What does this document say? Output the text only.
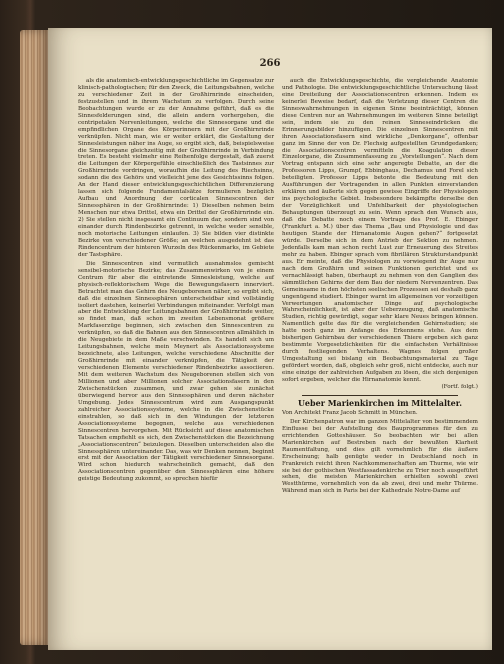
266

als die anatomisch-entwicklungsgeschichtliche im Gegensatze zur klinisch-pathologischen; für den Zweck, die Leitungsbahnen, welche zu verschiedener Zeit in der Großhirnrinde einscheiden, festzustellen und in ihrem Wachstum zu verfolgen. Durch seine Beobachtungen wurde er zu der Annahme geführt, daß es die Sinnesfelderungen sind, die allein andern vorhergehen, die centripetalen Nervenleitungen, welche die Sinnesorgane und die empfindlichen Organe des Körperinnern mit der Großhirnrinde verknüpfen. Nicht man, wie er weiter erklärt, die Gestaltung der Sinnesleistungen näher ins Auge, so ergibt sich, daß, beispielsweise die Sinnesorgane gleichzeitig mit der Großhirnrinde in Verbindung treten. Es besteht vielmehr eine Reihenfolge dergestalt, daß zuerst die Leitungen der Körpergefühle einschließlich des Tastsinnes zur Großhirnrinde vordringen, woraufhin die Leitung des Riechsinns, sodann die des Gehörs und vielleicht jene des Gesichtssinns folgen. An der Hand dieser entwicklungsgeschichtlichen Differenzierung lassen sich folgende Fundamentalsätze formulieren bezüglich Aufbau und Anordnung der corticalen Sinnescentren der Sinnessphären in der Großhirnrinde: 1) Dieselben nehmen beim Menschen nur etwa Drittel, etwa ein Drittel der Großhirnrinde ein. 2) Sie stellen nicht insgesamt ein Continuum dar, sondern sind von einander durch Rindenbezirke getrennt, in welche weder sensible, noch motorische Leitungen einlaufen. 3) Sie bilden vier distinkte Bezirke von verschiedener Größe; an welchen ausgedehnt ist das Rindencentrum der hinteren Wurzeln des Rückenmarks, im Gebiete der Tastsphäre.

Die Sinnescentren sind vermutlich ausnahmslos gemischt sensibel-motorische Bezirke; das Zusammenwirken von je einem Centrum für aber die eintretende Sinnesleistung, welche auf physisch-reflektorischem Wege die Bewegungsfasern innerviert. Betrachtet man das Gehirn des Neugeborenen näher, so ergibt sich, daß die einzelnen Sinnessphären unterscheidbar sind vollständig isoliert dastehen, keinerlei Verbindungen miteinander. Verfolgt man aber die Entwicklung der Leitungsbahnen der Großhirnrinde weiter, so findet man, daß schon im zweiten Lebensmonat größere Markfaserzüge beginnen, sich zwischen den Sinnescentren zu verknüpfen, so daß die Bahnen aus den Sinnescentren allmählich in die Neugebiete in dem Maße verschwinden. Es handelt sich um Leitungsbahnen, welche mein Meynert als Associationssysteme bezeichnete, also Leitungen, welche verschiedene Abschnitte der Großhirnrinde mit einander verknüpfen, die Tätigkeit der verschiedenen Elemente verschiedener Rindenbezirke associieren. Mit dem weiteren Wachstum des Neugeborenen stellen sich von Millionen und aber Millionen solcher Associationsfasern in den Zwischenstücken zusammen, und zwar gehen sie zunächst überwiegend hervor aus den Sinnessphären und deren nächster Umgebung. Jedes Sinnescentrum wird zum Ausgangspunkt zahlreicher Associationssysteme, welche in die Zwischenstücke einstrahlen, so daß sich in den Windungen der letzteren Associationssysteme begegnen, welche aus verschiedenen Sinnescentren hervorgehen. Mit Rücksicht auf diese anatomischen Tatsachen empfiehlt es sich, den Zwischenstücken die Bezeichnung „Associationscentren“ beizulegen. Dieselben unterscheiden also die Sinnessphären untereinander. Das, was wir Denken nennen, beginnt erst mit der Association der Tätigkeit verschiedener Sinnesorgane. Wird schon hiedurch wahrscheinlich gemacht, daß den Associationscentren gegenüber den Sinnessphären eine höhere geistige Bedeutung zukommt, so sprechen hiefür

auch die Entwicklungsgeschichte, die vergleichende Anatomie und Pathologie. Die entwicklungsgeschichtliche Untersuchung lässt eine Dreiteilung der Associationscentren erkennen. Indem es keinerlei Beweise bedarf, daß die Verletzung dieser Centren die Sinneswahrnehmungen in eigenen Sinne beeinträchtigt, können diese Centren nur an Wahrnehmungen im weiteren Sinne beteiligt sein, indem sie zu den reinen Sinneseindrücken die Erinnerungsbilder hinzufügen. Die einzelnen Sinnescentren mit ihren Associationsfasern sind wirkliche „Denkorgane“, offenbar ganz im Sinne der von Dr. Flechsig aufgestellten Grundgedanken; die Associationscentren vermitteln die Koagulation dieser Einzelorgane, die Zusammenfassung zu „Vorstellungen“. Nach dem Vortrag entspann sich eine sehr angeregte Debatte, an der die Professoren Lipps, Grumpf, Ebbinghaus, Dechamus und Forel sich beteiligten. Professor Lipps betonte die Bedeutung mit den Ausführungen der Vortragenden in allen Punkten einverstanden erklären und äußerte sich gegen gewisse Eingriffe der Physiologen ins psychologische Gebiet. Insbesondere bekämpfte derselbe den der Vorzüglichkeit und Unfehlbarkeit der physiologischen Behauptungen überzeugt zu sein. Wenn sprach den Wunsch aus, daß die Debatte noch einem Vortrage des Prof. E. Ebinger (Frankfurt a. M.) über das Thema „Bau und Physiologie und das heutigen Stande der Hirnanatomie Augen gehen?“ fortgesetzt würde. Derselbe sich in dem Antrieb der Sektion zu nehmen. Jedenfalls kam man schon recht Lust zur Erneuerung des Streites mehr zu haben. Ebinger sprach vom fibrillären Strukturstandpunkt aus. Er meinte, daß die Physiologen zu vorwiegend ihr Auge nur nach dem Großhirn und seinen Funktionen gerichtet und es vernachlässigt haben, überhaupt zu nehmen von den Ganglien des sämmtlichen Gehirns der dem Bau der niedern Nervenzentren. Das Gemeinsame in den höchsten seelischen Prozessen sei deshalb ganz ungenügend studiert. Ebinger warnt im allgemeinen vor vorzeitigen Verwertungen anatomischer Dinge auf psychologische Wahrscheinlichkeit, ist aber der Ueberzeugung, daß anatomische Studien, richtig gewürdigt, sogar sehr klare Neues bringen können. Namentlich gelte das für die vergleichenden Gehirnstudien; sie hatte noch ganz im Anfange des Erkennens stehe. Aus dem bisherigen Gehirnbau der verschiedenen Thiere ergeben sich ganz bestimmte Vorgesetzlichkeiten für die einfachsten Verhältnisse durch festliegenden Verhaltens. Wagnes folgen großer Umgestaltung sei bislang ein Beobachtungsmaterial zu Tage gefördert worden, daß, obgleich sehr groß, nicht entdecke, auch nur eine einzige der zahlreichen Aufgaben zu lösen, die sich denjenigen sofort ergeben, welcher die Hirnanatomie kennt.

(Fortf. folgt.)
Ueber Marienkirchen im Mittelalter.

Von Architekt Franz Jacob Schmitt in München.

Der Kirchenpatron war im ganzen Mittelalter von bestimmendem Einflusse bei der Aufstellung des Bauprogrammes für den zu errichtenden Gotteshäuser. So beobachten wir bei allen Marienkirchen auf Bestreben nach der bewußten Klarheit Raumentfaltung, und dies gilt vornehmlich für die äußere Erscheinung; halb genügte weder in Deutschland noch in Frankreich reicht ihren Nachkommenschaften am Thurme, wie wir sie bei der gothischen Westfassadenkirche zu Trier noch ausgeführt sehen, die meisten Marienkirchen erhielten sowohl zwei Westthürme, vornehmlich von da ab zwei, drei und mehr Thürme. Während man sich in Paris bei der Kathedrale Notre-Dame auf
